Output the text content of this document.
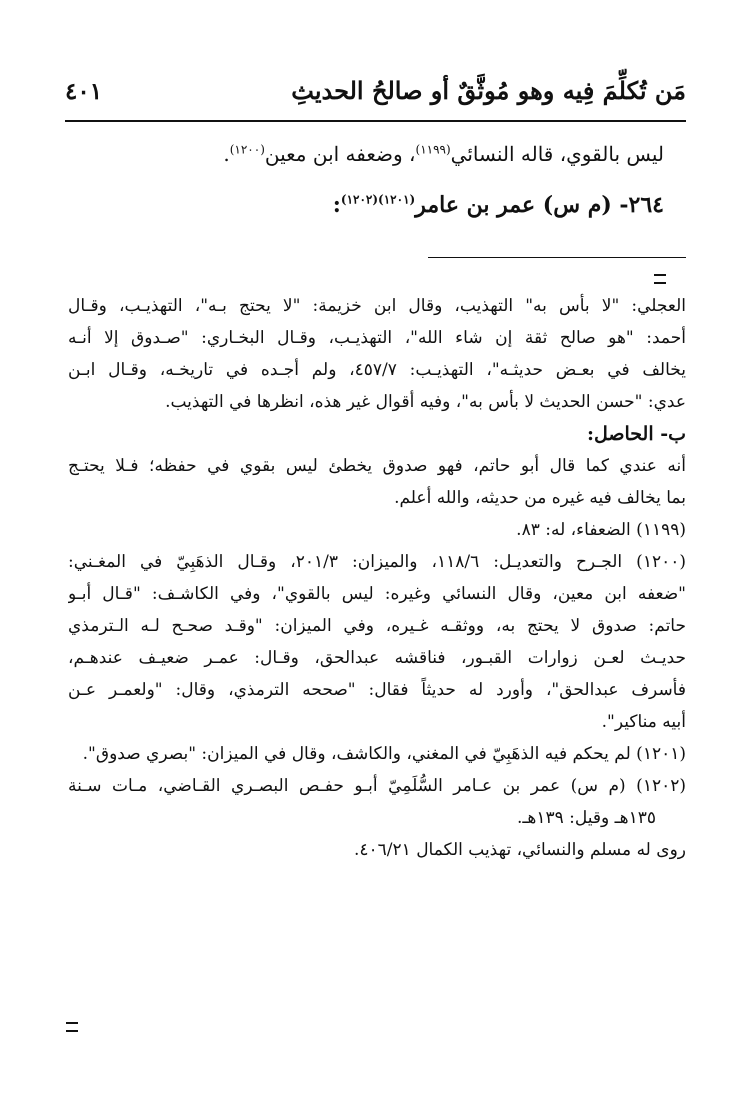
مَن تُكلِّمَ فِيه وهو مُوثَّقٌ أو صالحُ الحديثِ
٤٠١
ليس بالقوي، قاله النسائي$^{(١١٩٩)}$، وضعفه ابن معين$^{(١٢٠٠)}$.
٢٦٤- (م س) عمر بن عامر$^{(١٢٠١)(١٢٠٢)}$:

العجلي: "لا بأس به" التهذيب، وقال ابن خزيمة: "لا يحتج بـه"، التهذيـب، وقـال

أحمد: "هو صالح ثقة إن شاء الله"، التهذيـب، وقـال البخـاري: "صـدوق إلا أنـه

يخالف في بعـض حديثـه"، التهذيـب: ٤٥٧/٧، ولم أجـده في تاريخـه، وقـال ابـن

عدي: "حسن الحديث لا بأس به"، وفيه أقوال غير هذه، انظرها في التهذيب.

ب- الحاصل:

أنه عندي كما قال أبو حاتم، فهو صدوق يخطئ ليس بقوي في حفظه؛ فـلا يحتـج

بما يخالف فيه غيره من حديثه، والله أعلم.

(١١٩٩) الضعفاء، له: ٨٣.

(١٢٠٠) الجـرح والتعديـل: ١١٨/٦، والميزان: ٢٠١/٣، وقـال الذهَبِيّ في المغـني:

"ضعفه ابن معين، وقال النسائي وغيره: ليس بالقوي"، وفي الكاشـف: "قـال أبـو

حاتم: صدوق لا يحتج به، ووثقـه غـيره، وفي الميزان: "وقـد صحـح لـه الـترمذي

حديـث لعـن زوارات القبـور، فناقشه عبدالحق، وقـال: عمـر ضعيـف عندهـم،

فأسرف عبدالحق"، وأورد له حديثاً فقال: "صححه الترمذي، وقال: "ولعمـر عـن

أبيه مناكير".

(١٢٠١) لم يحكم فيه الذهَبِيّ في المغني، والكاشف، وقال في الميزان: "بصري صدوق".

(١٢٠٢) (م س) عمر بن عـامر السُّلَمِيّ أبـو حفـص البصـري القـاضي، مـات سـنة

١٣٥هـ وقيل: ١٣٩هـ.

روى له مسلم والنسائي، تهذيب الكمال ٤٠٦/٢١.
